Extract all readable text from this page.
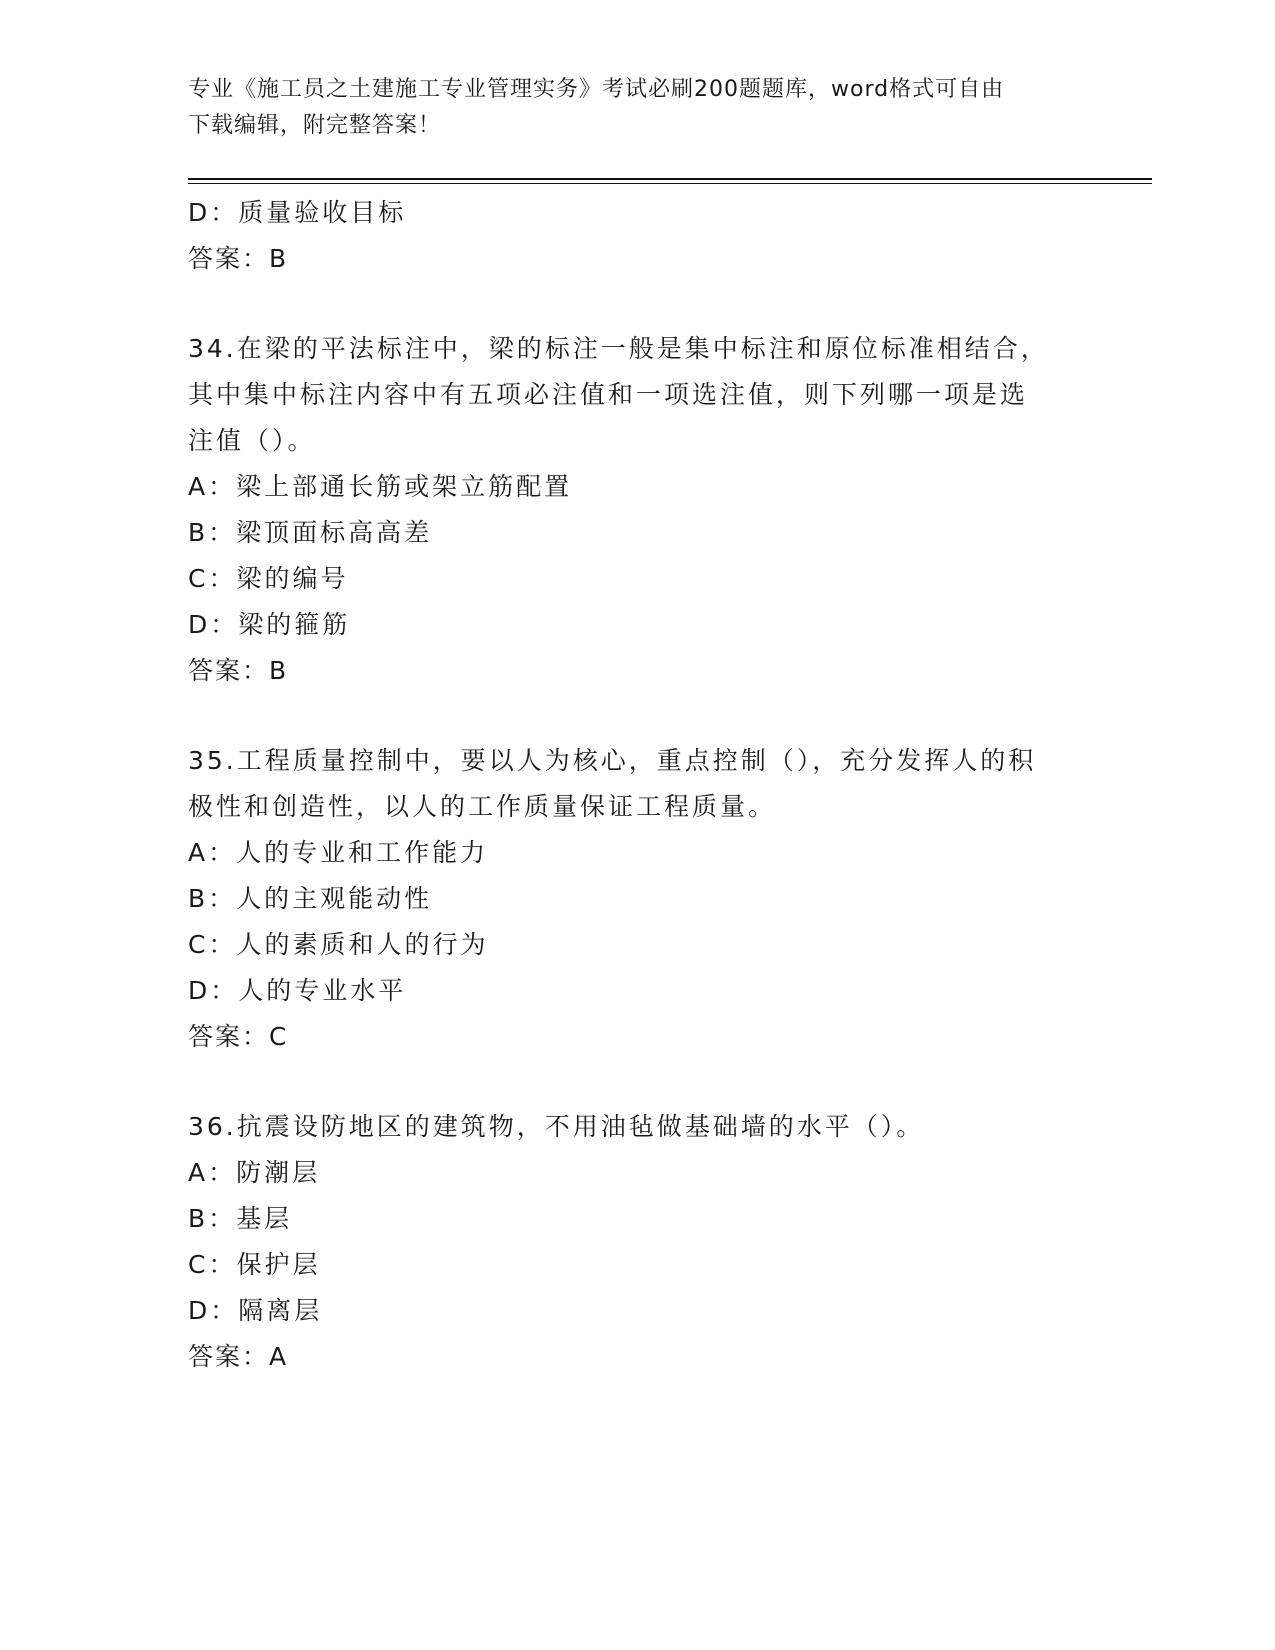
专业《施工员之土建施工专业管理实务》考试必刷200题题库，word格式可自由
下载编辑，附完整答案！
D：质量验收目标
答案：B
34.在梁的平法标注中，梁的标注一般是集中标注和原位标准相结合，
其中集中标注内容中有五项必注值和一项选注值，则下列哪一项是选
注值（）。
A：梁上部通长筋或架立筋配置
B：梁顶面标高高差
C：梁的编号
D：梁的箍筋
答案：B
35.工程质量控制中，要以人为核心，重点控制（），充分发挥人的积
极性和创造性，以人的工作质量保证工程质量。
A：人的专业和工作能力
B：人的主观能动性
C：人的素质和人的行为
D：人的专业水平
答案：C
36.抗震设防地区的建筑物，不用油毡做基础墙的水平（）。
A：防潮层
B：基层
C：保护层
D：隔离层
答案：A
